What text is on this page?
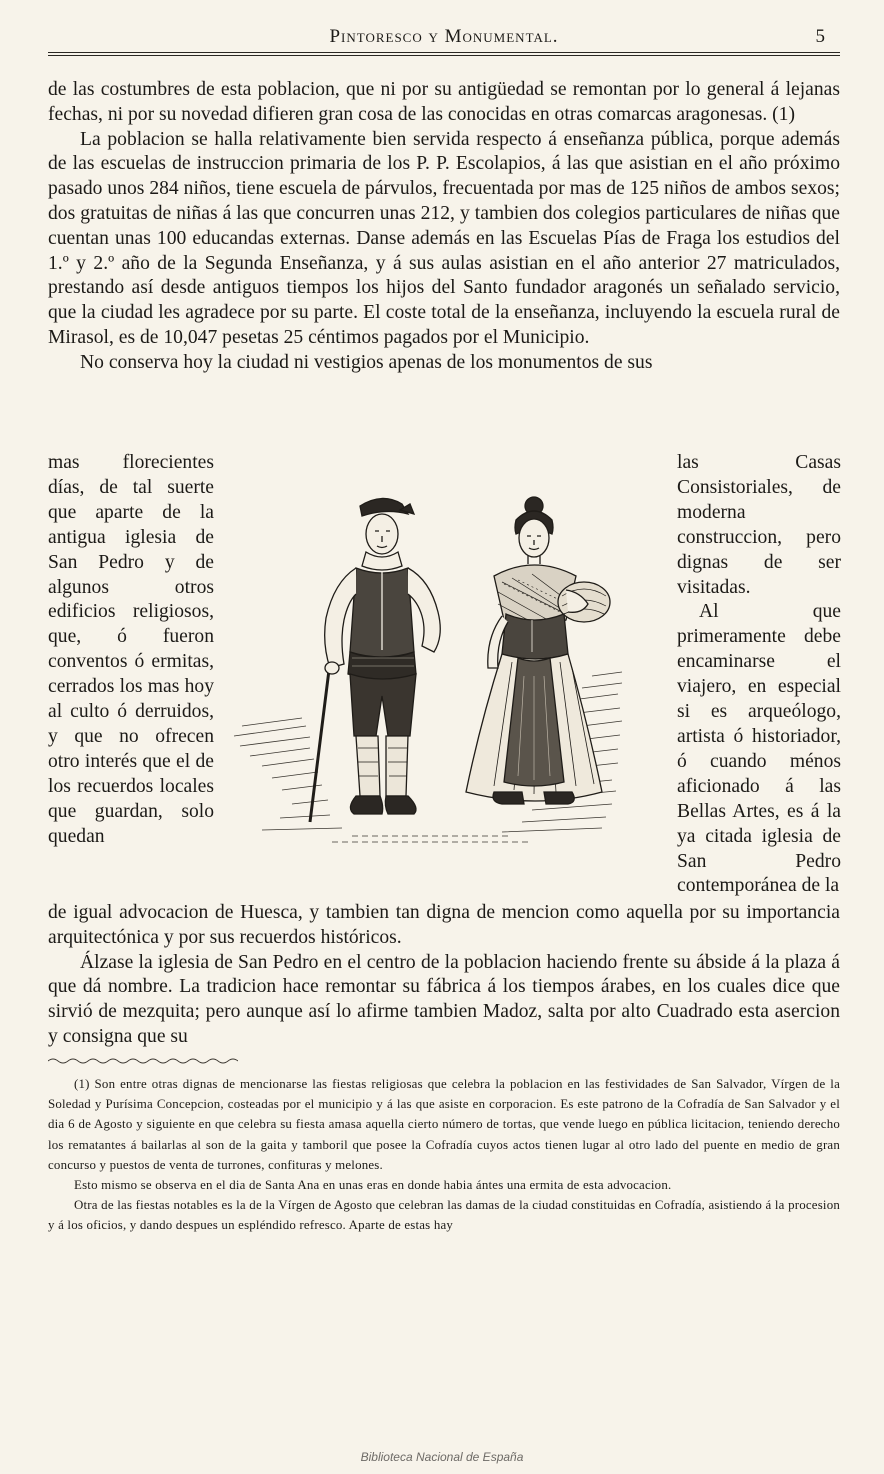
Pintoresco y Monumental.	5

de las costumbres de esta poblacion, que ni por su antigüedad se remontan por lo general á lejanas fechas, ni por su novedad difieren gran cosa de las conocidas en otras comarcas aragonesas. (1)

La poblacion se halla relativamente bien servida respecto á enseñanza pública, porque además de las escuelas de instruccion primaria de los P. P. Escolapios, á las que asistian en el año próximo pasado unos 284 niños, tiene escuela de párvulos, frecuentada por mas de 125 niños de ambos sexos; dos gratuitas de niñas á las que concurren unas 212, y tambien dos colegios particulares de niñas que cuentan unas 100 educandas externas. Danse además en las Escuelas Pías de Fraga los estudios del 1.º y 2.º año de la Segunda Enseñanza, y á sus aulas asistian en el año anterior 27 matriculados, prestando así desde antiguos tiempos los hijos del Santo fundador aragonés un señalado servicio, que la ciudad les agradece por su parte. El coste total de la enseñanza, incluyendo la escuela rural de Mirasol, es de 10,047 pesetas 25 céntimos pagados por el Municipio.

No conserva hoy la ciudad ni vestigios apenas de los monumentos de sus

mas florecientes días, de tal suerte que aparte de la antigua iglesia de San Pedro y de algunos otros edificios religiosos, que, ó fueron conventos ó ermitas, cerrados los mas hoy al culto ó derruidos, y que no ofrecen otro interés que el de los recuerdos locales que guardan, solo quedan

las Casas Consistoriales, de moderna construccion, pero dignas de ser visitadas.

Al que primeramente debe encaminarse el viajero, en especial si es arqueólogo, artista ó historiador, ó cuando ménos aficionado á las Bellas Artes, es á la ya citada iglesia de San Pedro contemporánea de la

de igual advocacion de Huesca, y tambien tan digna de mencion como aquella por su importancia arquitectónica y por sus recuerdos históricos.

Álzase la iglesia de San Pedro en el centro de la poblacion haciendo frente su ábside á la plaza á que dá nombre. La tradicion hace remontar su fábrica á los tiempos árabes, en los cuales dice que sirvió de mezquita; pero aunque así lo afirme tambien Madoz, salta por alto Cuadrado esta asercion y consigna que su

(1) Son entre otras dignas de mencionarse las fiestas religiosas que celebra la poblacion en las festividades de San Salvador, Vírgen de la Soledad y Purísima Concepcion, costeadas por el municipio y á las que asiste en corporacion. Es este patrono de la Cofradía de San Salvador y el dia 6 de Agosto y siguiente en que celebra su fiesta amasa aquella cierto número de tortas, que vende luego en pública licitacion, teniendo derecho los rematantes á bailarlas al son de la gaita y tamboril que posee la Cofradía cuyos actos tienen lugar al otro lado del puente en medio de gran concurso y puestos de venta de turrones, confituras y melones.

Esto mismo se observa en el dia de Santa Ana en unas eras en donde habia ántes una ermita de esta advocacion.

Otra de las fiestas notables es la de la Vírgen de Agosto que celebran las damas de la ciudad constituidas en Cofradía, asistiendo á la procesion y á los oficios, y dando despues un espléndido refresco. Aparte de estas hay

Biblioteca Nacional de España
